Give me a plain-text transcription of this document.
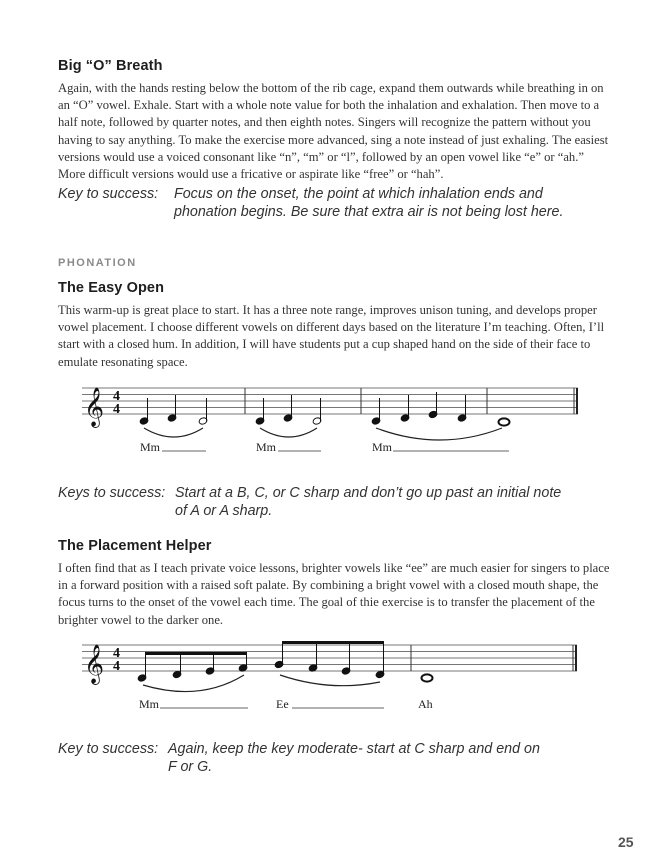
Big “O” Breath
Again, with the hands resting below the bottom of the rib cage, expand them outwards while breathing in on an “O” vowel. Exhale. Start with a whole note value for both the inhalation and exhalation. Then move to a half note, followed by quarter notes, and then eighth notes. Singers will recognize the pattern without you having to say anything. To make the exercise more advanced, sing a note instead of just exhaling. The easiest versions would use a voiced consonant like “n”, “m” or “l”, followed by an open vowel like “e” or “ah.” More difficult versions would use a fricative or aspirate like “free” or “hah”.
Key to success: Focus on the onset, the point at which inhalation ends and
phonation begins. Be sure that extra air is not being lost here.
phonation
The Easy Open
This warm-up is great place to start. It has a three note range, improves unison tuning, and develops proper vowel placement. I choose different vowels on different days based on the literature I’m teaching. Often, I’ll start with a closed hum. In addition, I will have students put a cup shaped hand on the side of their face to emulate resonating space.
𝄞 4
4
Mm	Mm	Mm
Keys to success: Start at a B, C, or C sharp and don’t go up past an initial note
of A or A sharp.
The Placement Helper
I often find that as I teach private voice lessons, brighter vowels like “ee” are much easier for singers to place in a forward position with a raised soft palate. By combining a bright vowel with a closed mouth shape, the focus turns to the onset of the vowel each time. The goal of thie exercise is to transfer the placement of the brighter vowel to the darker one.
𝄞 4
4
Mm	Ee	Ah
Key to success: Again, keep the key moderate- start at C sharp and end on
F or G.
25
